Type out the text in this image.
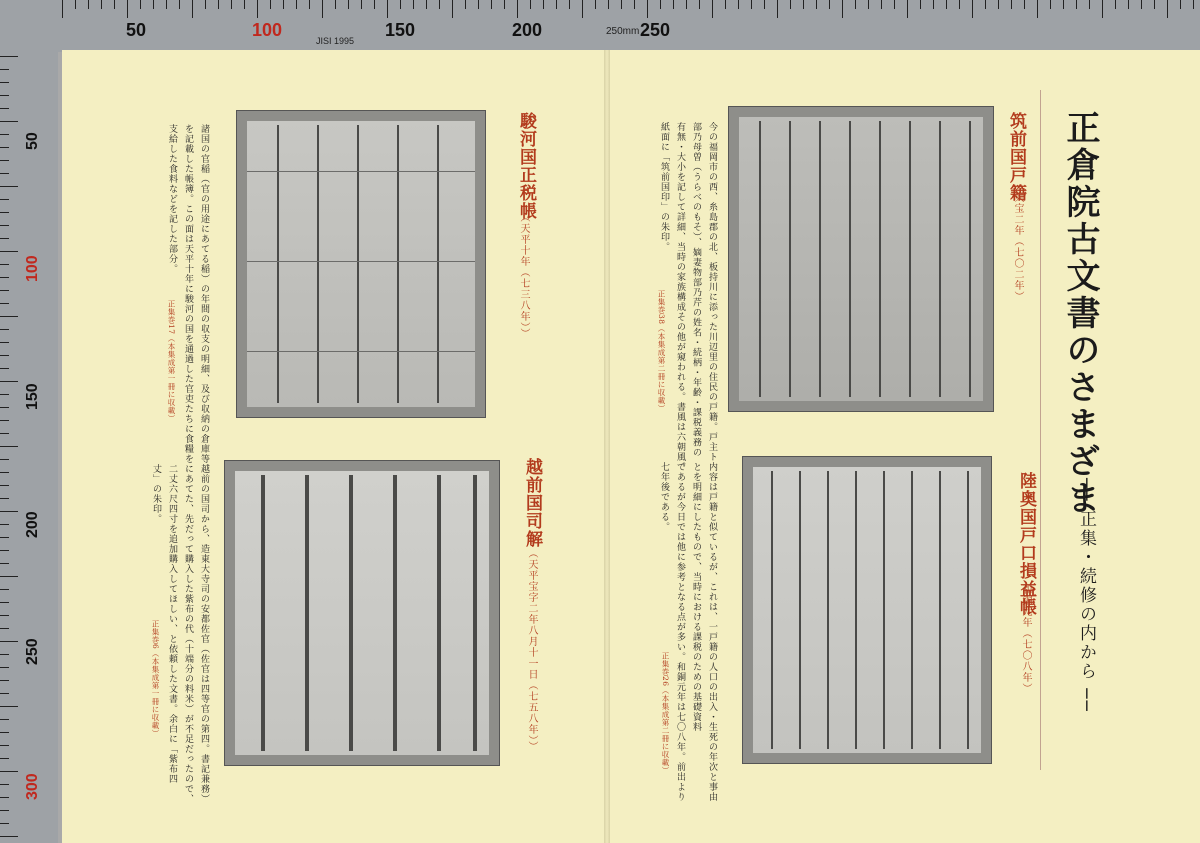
50	100	150	200	250
JISI 1995
250mm
50
100
150
200
250
300
駿河国正税帳
（天平十年（七三八年））
諸国の官稲（官の用途にあてる稲）の年間の収支の明細、及び収納の倉庫等
を記載した帳簿。この面は天平十年に駿河の国を通過した官吏たちに食糧を
支給した食料などを記した部分。
正集巻17（本集成第一冊に収載）
越前国司解
（天平宝字二年八月十一日（七五八年））
越前の国司から、造東大寺司の安都佐官（佐官は四等官の第四。書記兼務）
にあてた、先だって購入した紫布の代（十端分の料米）が不足だったので、
二丈六尺四寸を追加購入してほしい、と依頼した文書。余白に「紫布四
丈」の朱印。
正集巻6（本集成第一冊に収載）
筑前国戸籍
大宝二年（七〇二年）
今の福岡市の西、糸島郡の北、板持川に添った川辺里の住民の戸籍。戸主ト
部乃母曽（うらべのもそ）、嫡妻物部乃芹の姓名・続柄・年齢・課税義務の
有無・大小を記して詳細、当時の家族構成その他が窺われる。書風は六朝風。
紙面に「筑前国印」の朱印。
正集巻38（本集成第二冊に収載）
陸奥国戸口損益帳
和銅元年（七〇八年）
内容は戸籍と似ているが、これは、一戸籍の人口の出入・生死の年次と事由
とを明細にしたもので、当時における課税のための基礎資料
であるが今日では他に参考となる点が多い。和銅元年は七〇八年。前出より
七年後である。
正集巻26（本集成第二冊に収載）
正倉院古文書のさまざま
── 正集・続修の内から ──
